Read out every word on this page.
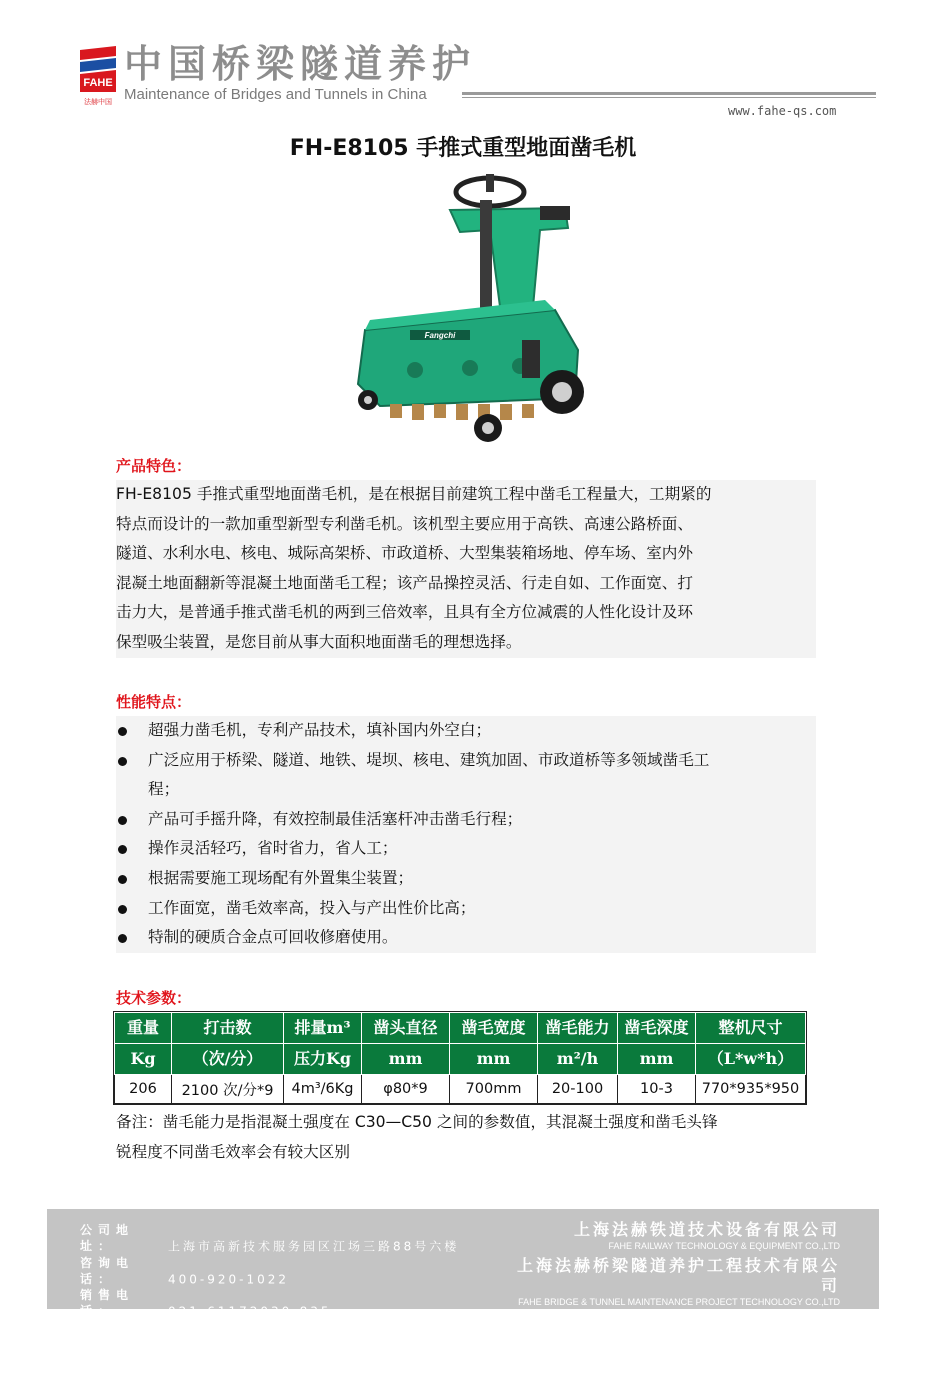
FAHE
法赫中国
中国桥梁隧道养护
Maintenance of Bridges and Tunnels in China
www.fahe-qs.com
FH-E8105 手推式重型地面凿毛机
Fangchi
产品特色：
FH-E8105 手推式重型地面凿毛机，是在根据目前建筑工程中凿毛工程量大，工期紧的
特点而设计的一款加重型新型专利凿毛机。该机型主要应用于高铁、高速公路桥面、
隧道、水利水电、核电、城际高架桥、市政道桥、大型集装箱场地、停车场、室内外
混凝土地面翻新等混凝土地面凿毛工程；该产品操控灵活、行走自如、工作面宽、打
击力大，是普通手推式凿毛机的两到三倍效率，且具有全方位减震的人性化设计及环
保型吸尘装置，是您目前从事大面积地面凿毛的理想选择。
性能特点：
超强力凿毛机，专利产品技术，填补国内外空白；
广泛应用于桥梁、隧道、地铁、堤坝、核电、建筑加固、市政道桥等多领域凿毛工
程；
产品可手摇升降，有效控制最佳活塞杆冲击凿毛行程；
操作灵活轻巧，省时省力，省人工；
根据需要施工现场配有外置集尘装置；
工作面宽，凿毛效率高，投入与产出性价比高；
特制的硬质合金点可回收修磨使用。
技术参数：
重量	打击数	排量m³	凿头直径	凿毛宽度	凿毛能力	凿毛深度	整机尺寸
Kg	（次/分）	压力Kg	mm	mm	m²/h	mm	（L*w*h）
206	2100 次/分*9	4m³/6Kg	φ80*9	700mm	20-100	10-3	770*935*950
备注：凿毛能力是指混凝土强度在 C30—C50 之间的参数值，其混凝土强度和凿毛头锋
锐程度不同凿毛效率会有较大区别
公司地址：	上海市高新技术服务园区江场三路88号六楼
咨询电话：	400-920-1022
销售电话：	021-61172030-835
售后电话：	021-56610759
传真号码：	021-61172030-801
上海法赫铁道技术设备有限公司
FAHE RAILWAY TECHNOLOGY & EQUIPMENT CO.,LTD
上海法赫桥梁隧道养护工程技术有限公司
FAHE BRIDGE & TUNNEL MAINTENANCE PROJECT TECHNOLOGY CO.,LTD
